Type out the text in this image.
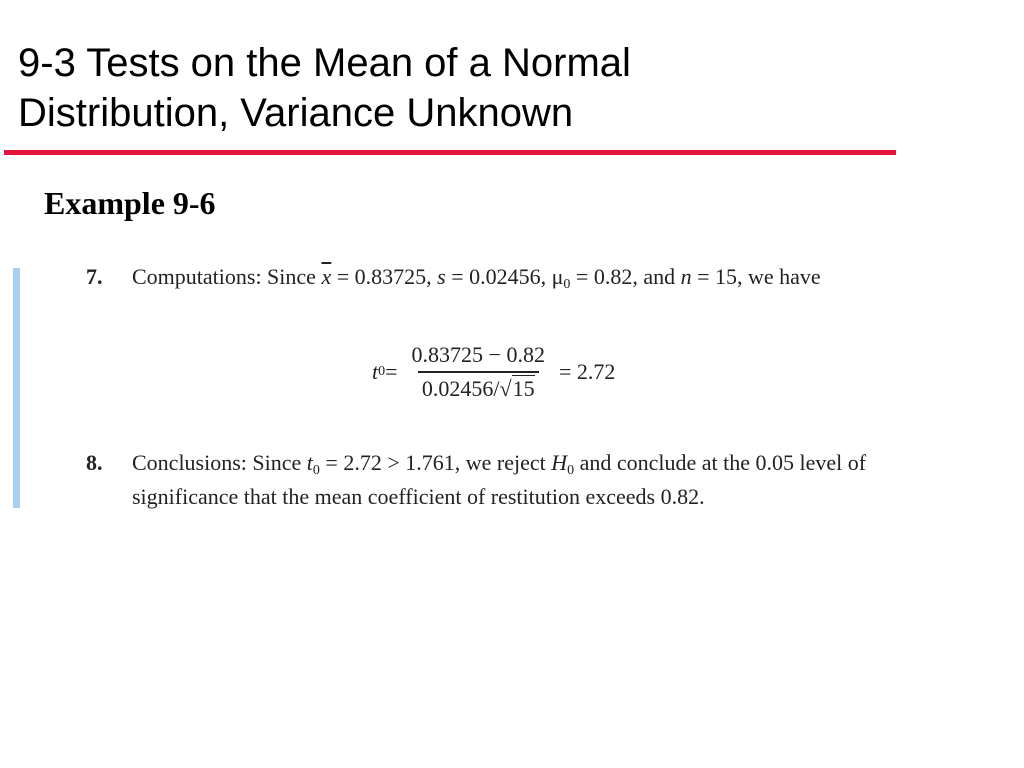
9-3 Tests on the Mean of a Normal
Distribution, Variance Unknown
Example 9-6
7. Computations: Since $\overline{x} = 0.83725$, s = 0.02456, $\mu_0 = 0.82$, and n = 15, we have
t $0 = \frac{0.83725 - 0.82}{0.02456/√15} = 2.72$
8. Conclusions: Since $t_0 = 2.72 > 1.761$, we reject $H_0$ and conclude at the 0.05 level of
significance that the mean coefficient of restitution exceeds 0.82.
